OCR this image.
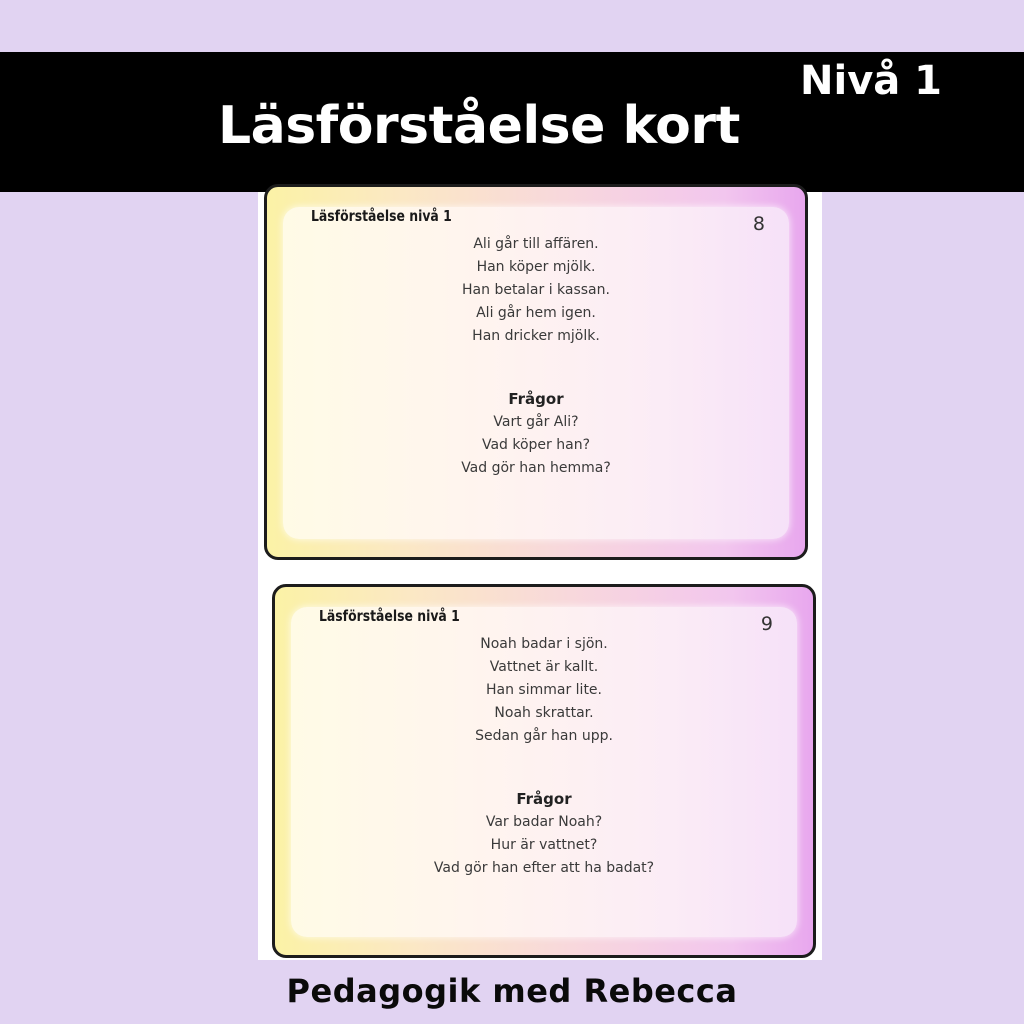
Nivå 1
Läsförståelse kort
Läsförståelse nivå 1	8
Ali går till affären.
Han köper mjölk.
Han betalar i kassan.
Ali går hem igen.
Han dricker mjölk.
Frågor
Vart går Ali?
Vad köper han?
Vad gör han hemma?
Läsförståelse nivå 1	9
Noah badar i sjön.
Vattnet är kallt.
Han simmar lite.
Noah skrattar.
Sedan går han upp.
Frågor
Var badar Noah?
Hur är vattnet?
Vad gör han efter att ha badat?
Pedagogik med Rebecca
